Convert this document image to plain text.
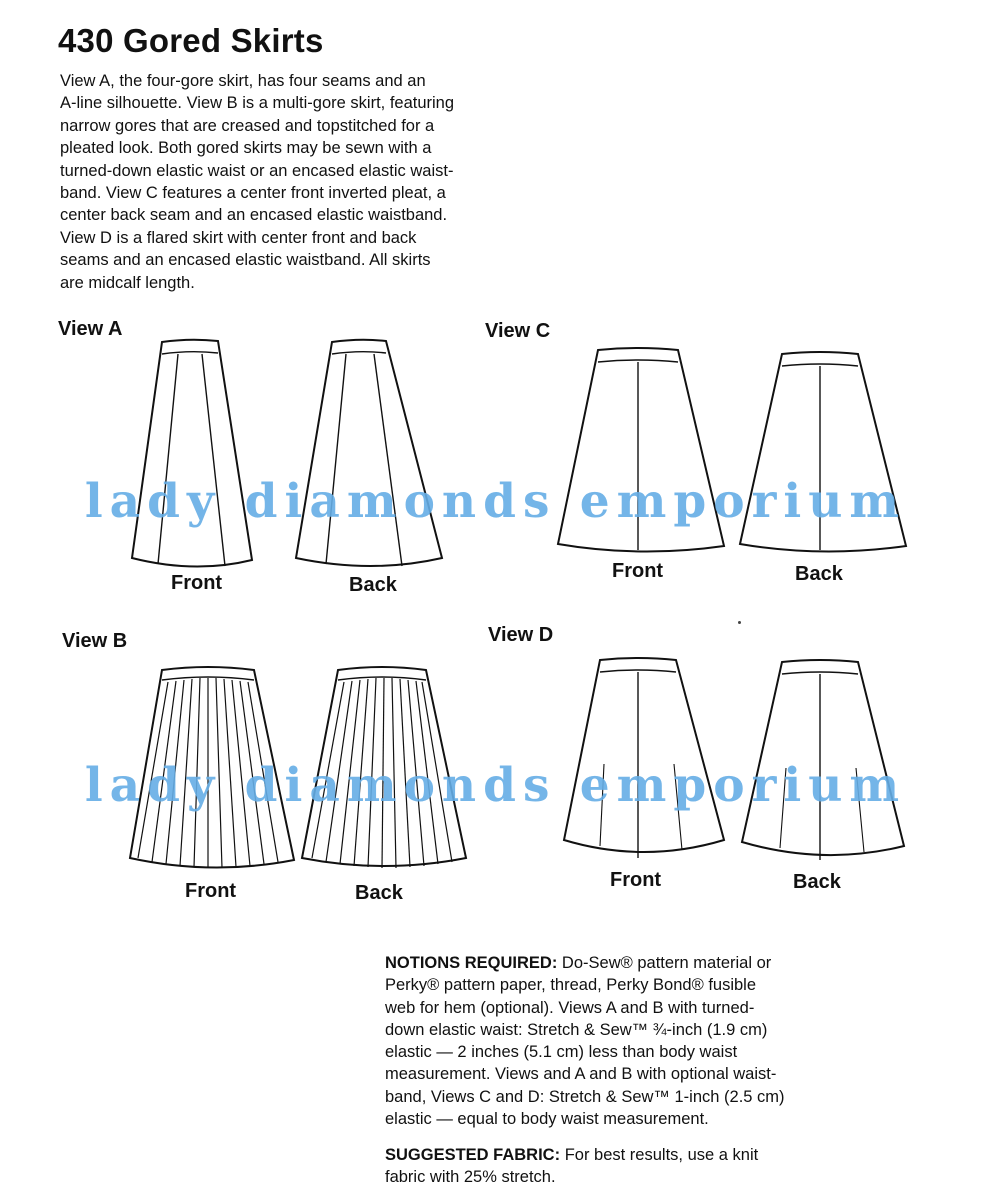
430 Gored Skirts
View A, the four-gore skirt, has four seams and an
A-line silhouette. View B is a multi-gore skirt, featuring
narrow gores that are creased and topstitched for a
pleated look. Both gored skirts may be sewn with a
turned-down elastic waist or an encased elastic waist-
band. View C features a center front inverted pleat, a
center back seam and an encased elastic waistband.
View D is a flared skirt with center front and back
seams and an encased elastic waistband. All skirts
are midcalf length.
View A	View C
View B	View D
Front	Back
Front	Back
Front	Back
Front	Back
lady diamonds emporium
lady diamonds emporium
NOTIONS REQUIRED: Do-Sew® pattern material or
Perky® pattern paper, thread, Perky Bond® fusible
web for hem (optional). Views A and B with turned-
down elastic waist: Stretch & Sew™ ¾-inch (1.9 cm)
elastic — 2 inches (5.1 cm) less than body waist
measurement. Views and A and B with optional waist-
band, Views C and D: Stretch & Sew™ 1-inch (2.5 cm)
elastic — equal to body waist measurement.
SUGGESTED FABRIC: For best results, use a knit
fabric with 25% stretch.
